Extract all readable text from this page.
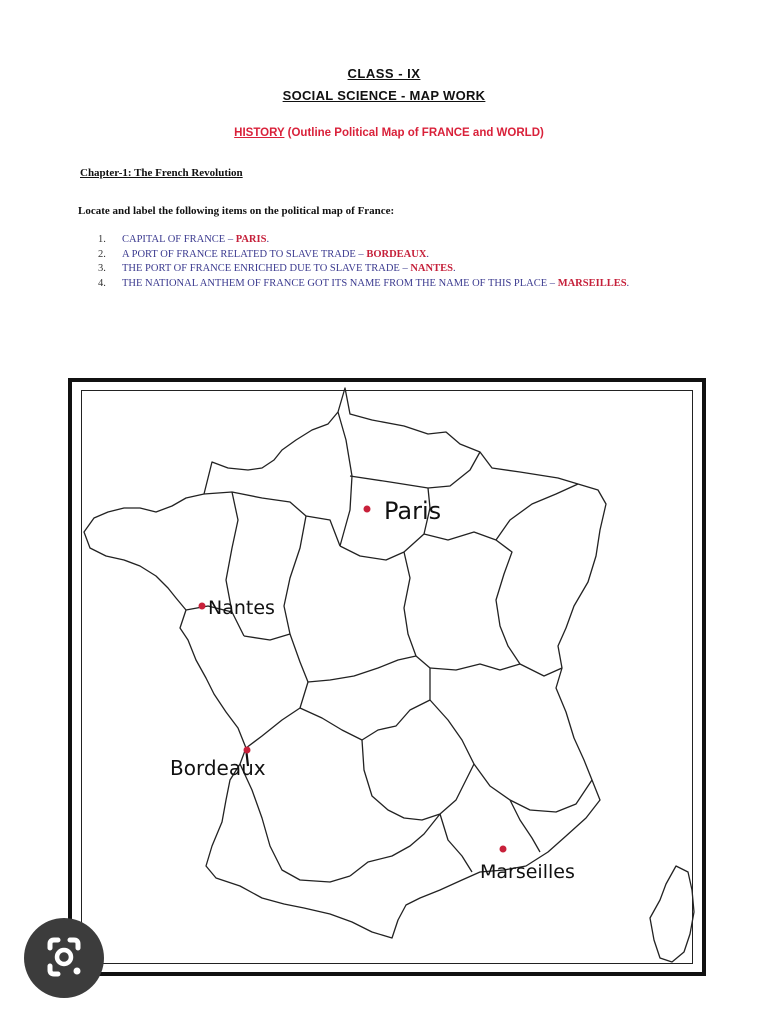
CLASS - IX
SOCIAL SCIENCE - MAP WORK
HISTORY (Outline Political Map of FRANCE and WORLD)
Chapter-1: The French Revolution
Locate and label the following items on the political map of France:
1. CAPITAL OF FRANCE – PARIS.
2. A PORT OF FRANCE RELATED TO SLAVE TRADE – BORDEAUX.
3. THE PORT OF FRANCE ENRICHED DUE TO SLAVE TRADE – NANTES.
4. THE NATIONAL ANTHEM OF FRANCE GOT ITS NAME FROM THE NAME OF THIS PLACE – MARSEILLES.
Paris
Nantes
Bordeaux
Marseilles
